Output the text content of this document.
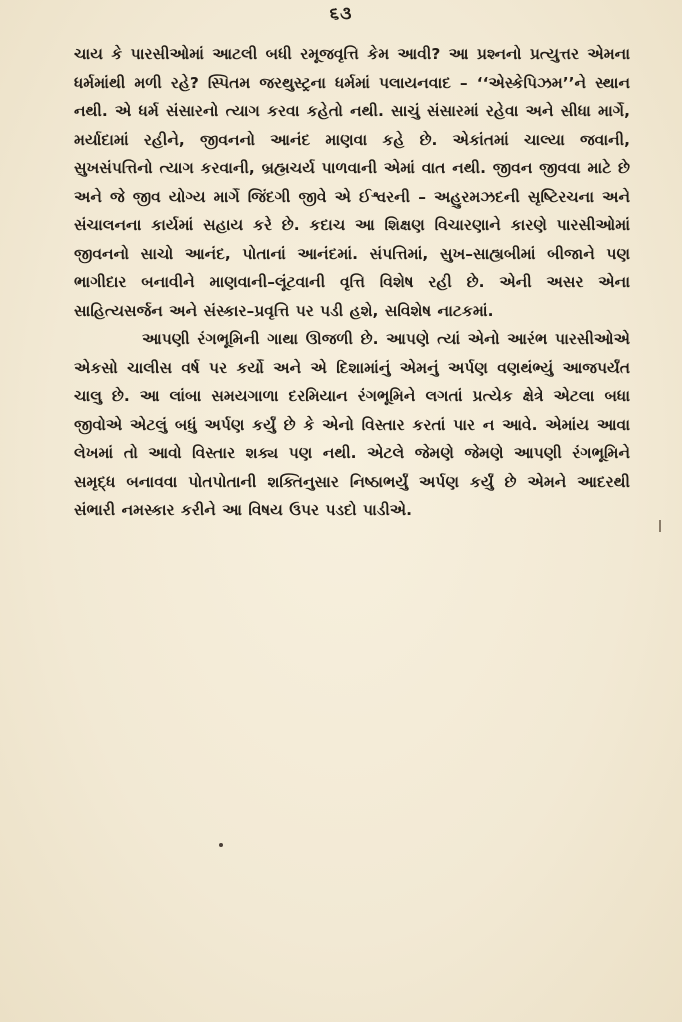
૬૩

ચાય કે પારસીઓમાં આટલી બધી રમૂજવૃત્તિ કેમ આવી? આ પ્રશ્નનો પ્રત્યુત્તર એમના ધર્મમાંથી મળી રહે? સ્પિતમ જરથુસ્ટ્રના ધર્મમાં પલાયનવાદ – ‘‘એસ્કેપિઝમ’’ને સ્થાન નથી. એ ધર્મ સંસારનો ત્યાગ કરવા કહેતો નથી. સાચું સંસારમાં રહેવા અને સીધા માર્ગે, મર્યાદામાં રહીને, જીવનનો આનંદ માણવા કહે છે. એકાંતમાં ચાલ્યા જવાની, સુખસંપત્તિનો ત્યાગ કરવાની, બ્રહ્મચર્ય પાળવાની એમાં વાત નથી. જીવન જીવવા માટે છે અને જે જીવ યોગ્ય માર્ગે જિંદગી જીવે એ ઈશ્વરની – અહુરમઝદની સૃષ્ટિરચના અને સંચાલનના કાર્યમાં સહાય કરે છે. કદાચ આ શિક્ષણ વિચારણાને કારણે પારસીઓમાં જીવનનો સાચો આનંદ, પોતાનાં આનંદમાં. સંપત્તિમાં, સુખ–સાહ્યબીમાં બીજાને પણ ભાગીદાર બનાવીને માણવાની–લૂંટવાની વૃત્તિ વિશેષ રહી છે. એની અસર એના સાહિત્યસર્જન અને સંસ્કાર–પ્રવૃત્તિ પર પડી હશે, સવિશેષ નાટકમાં.

આપણી રંગભૂમિની ગાથા ઊજળી છે. આપણે ત્યાં એનો આરંભ પારસીઓએ એકસો ચાલીસ વર્ષ પર કર્યો અને એ દિશામાંનું એમનું અર્પણ વણથંભ્યું આજપર્યંત ચાલુ છે. આ લાંબા સમયગાળા દરમિયાન રંગભૂમિને લગતાં પ્રત્યેક ક્ષેત્રે એટલા બધા જીવોએ એટલું બધું અર્પણ કર્યું છે કે એનો વિસ્તાર કરતાં પાર ન આવે. એમાંય આવા લેખમાં તો આવો વિસ્તાર શક્ય પણ નથી. એટલે જેમણે જેમણે આપણી રંગભૂમિને સમૃદ્ધ બનાવવા પોતપોતાની શક્તિનુસાર નિષ્ઠાભર્યું અર્પણ કર્યું છે એમને આદરથી સંભારી નમસ્કાર કરીને આ વિષય ઉપર પડદો પાડીએ.
